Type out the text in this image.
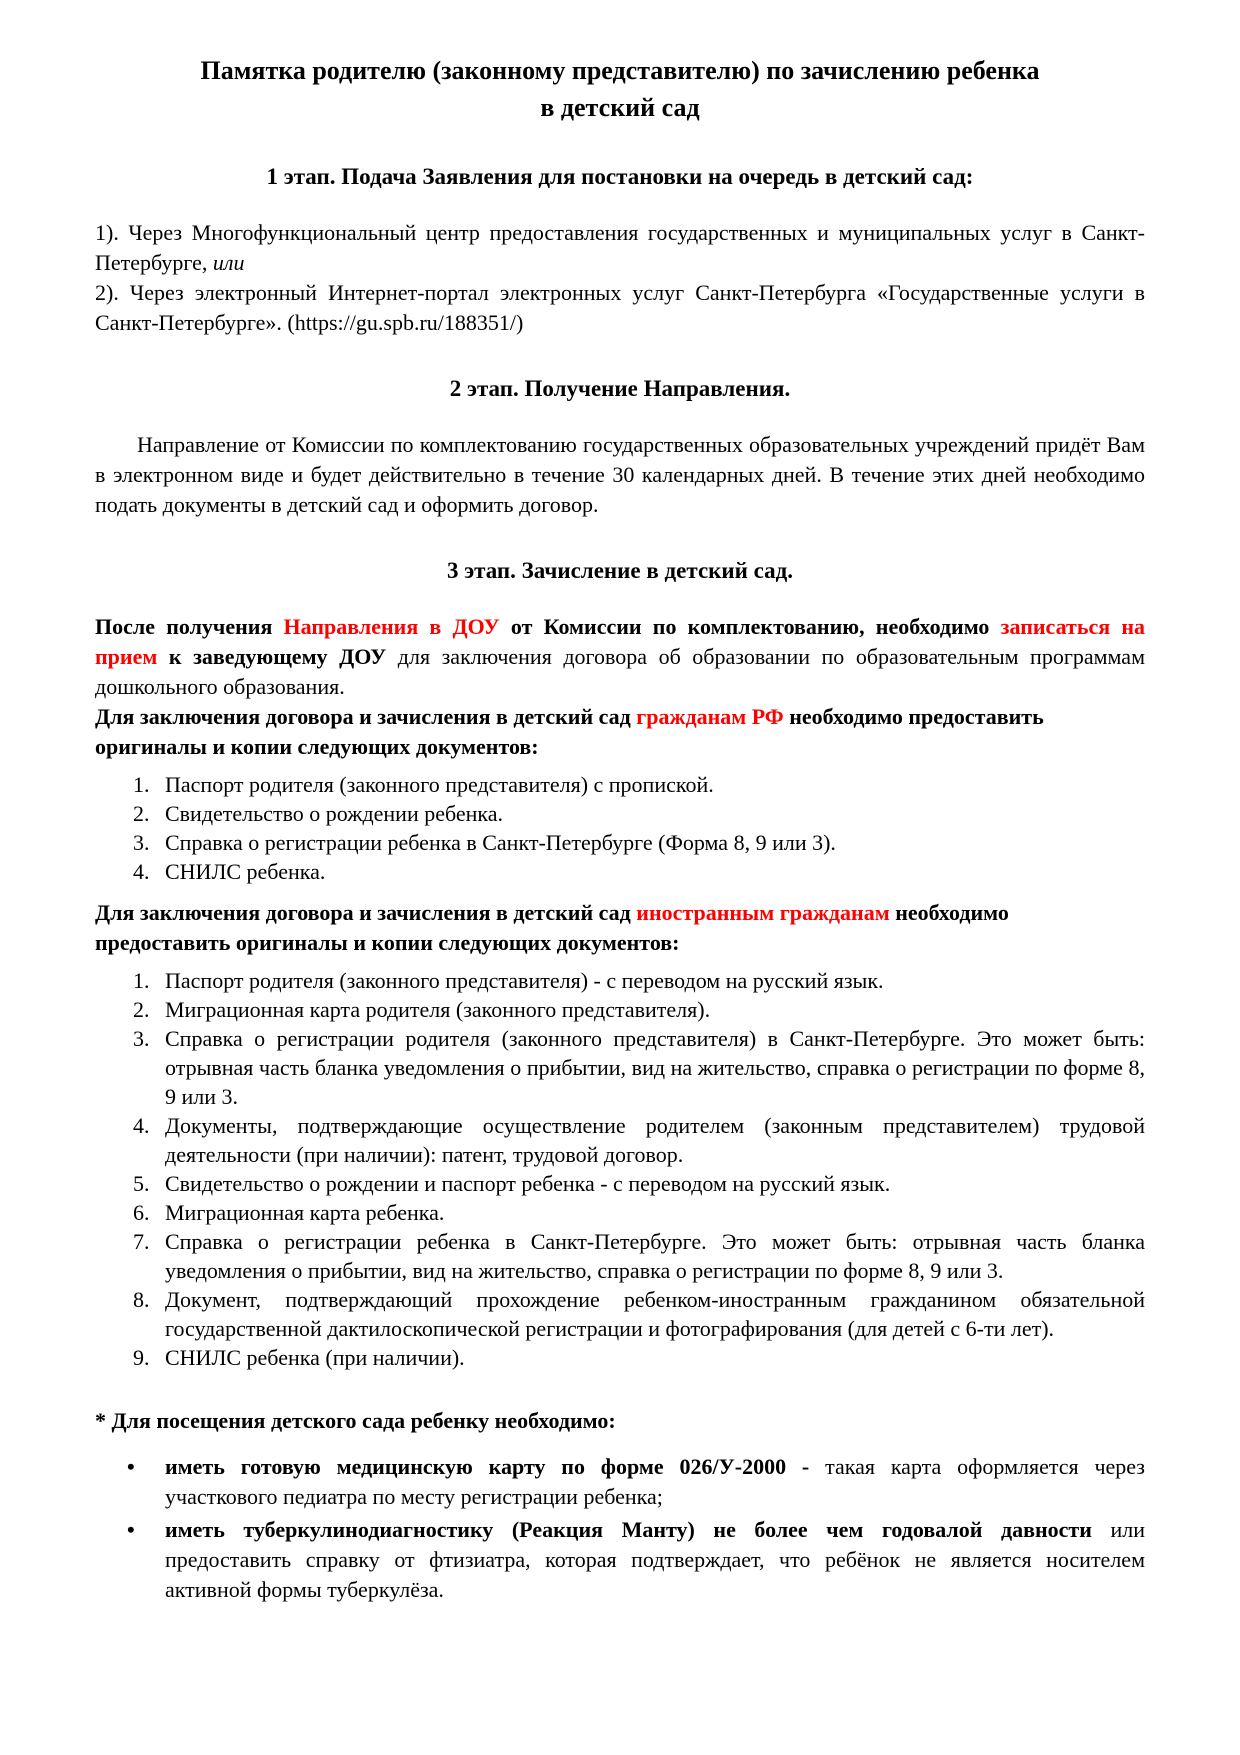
Памятка родителю (законному представителю) по зачислению ребенка
в детский сад
1 этап. Подача Заявления для постановки на очередь в детский сад:

1). Через Многофункциональный центр предоставления государственных и муниципальных услуг в Санкт-Петербурге, или

2). Через электронный Интернет-портал электронных услуг Санкт-Петербурга «Государственные услуги в Санкт-Петербурге». (https://gu.spb.ru/188351/)

2 этап. Получение Направления.

Направление от Комиссии по комплектованию государственных образовательных учреждений придёт Вам в электронном виде и будет действительно в течение 30 календарных дней. В течение этих дней необходимо подать документы в детский сад и оформить договор.

3 этап. Зачисление в детский сад.

После получения Направления в ДОУ от Комиссии по комплектованию, необходимо записаться на прием к заведующему ДОУ для заключения договора об образовании по образовательным программам дошкольного образования.

Для заключения договора и зачисления в детский сад гражданам РФ необходимо предоставить оригиналы и копии следующих документов:

Паспорт родителя (законного представителя) с пропиской.
Свидетельство о рождении ребенка.
Справка о регистрации ребенка в Санкт-Петербурге (Форма 8, 9 или 3).
СНИЛС ребенка.

Для заключения договора и зачисления в детский сад иностранным гражданам необходимо предоставить оригиналы и копии следующих документов:

Паспорт родителя (законного представителя) - с переводом на русский язык.
Миграционная карта родителя (законного представителя).
Справка о регистрации родителя (законного представителя) в Санкт-Петербурге. Это может быть: отрывная часть бланка уведомления о прибытии, вид на жительство, справка о регистрации по форме 8, 9 или 3.
Документы, подтверждающие осуществление родителем (законным представителем) трудовой деятельности (при наличии): патент, трудовой договор.
Свидетельство о рождении и паспорт ребенка - с переводом на русский язык.
Миграционная карта ребенка.
Справка о регистрации ребенка в Санкт-Петербурге. Это может быть: отрывная часть бланка уведомления о прибытии, вид на жительство, справка о регистрации по форме 8, 9 или 3.
Документ, подтверждающий прохождение ребенком-иностранным гражданином обязательной государственной дактилоскопической регистрации и фотографирования (для детей с 6-ти лет).
СНИЛС ребенка (при наличии).

* Для посещения детского сада ребенку необходимо:

• иметь готовую медицинскую карту по форме 026/У-2000 - такая карта оформляется через участкового педиатра по месту регистрации ребенка;
• иметь туберкулинодиагностику (Реакция Манту) не более чем годовалой давности или предоставить справку от фтизиатра, которая подтверждает, что ребёнок не является носителем активной формы туберкулёза.
